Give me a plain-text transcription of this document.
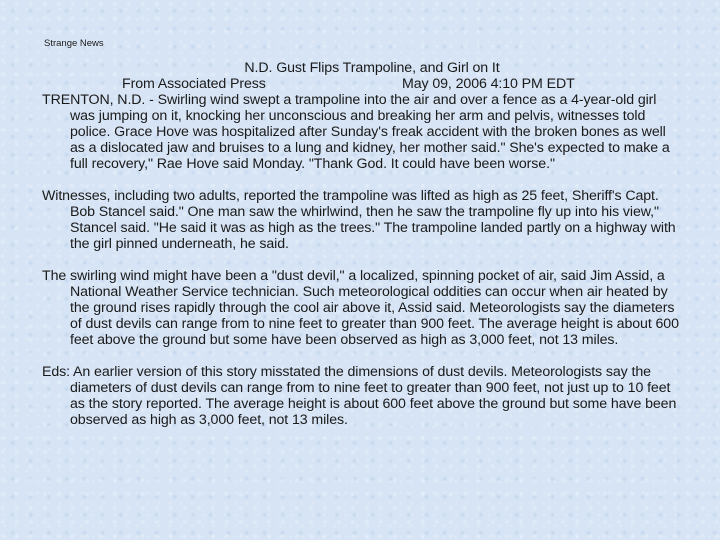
Strange News

N.D. Gust Flips Trampoline, and Girl on It

From Associated Press	May 09, 2006 4:10 PM EDT

TRENTON, N.D. - Swirling wind swept a trampoline into the air and over a fence as a 4-year-old girl was jumping on it, knocking her unconscious and breaking her arm and pelvis, witnesses told police. Grace Hove was hospitalized after Sunday's freak accident with the broken bones as well as a dislocated jaw and bruises to a lung and kidney, her mother said." She's expected to make a full recovery," Rae Hove said Monday. "Thank God. It could have been worse."

Witnesses, including two adults, reported the trampoline was lifted as high as 25 feet, Sheriff's Capt. Bob Stancel said." One man saw the whirlwind, then he saw the trampoline fly up into his view," Stancel said. "He said it was as high as the trees." The trampoline landed partly on a highway with the girl pinned underneath, he said.

The swirling wind might have been a "dust devil," a localized, spinning pocket of air, said Jim Assid, a National Weather Service technician. Such meteorological oddities can occur when air heated by the ground rises rapidly through the cool air above it, Assid said. Meteorologists say the diameters of dust devils can range from to nine feet to greater than 900 feet. The average height is about 600 feet above the ground but some have been observed as high as 3,000 feet, not 13 miles.

Eds: An earlier version of this story misstated the dimensions of dust devils. Meteorologists say the diameters of dust devils can range from to nine feet to greater than 900 feet, not just up to 10 feet as the story reported. The average height is about 600 feet above the ground but some have been observed as high as 3,000 feet, not 13 miles.
